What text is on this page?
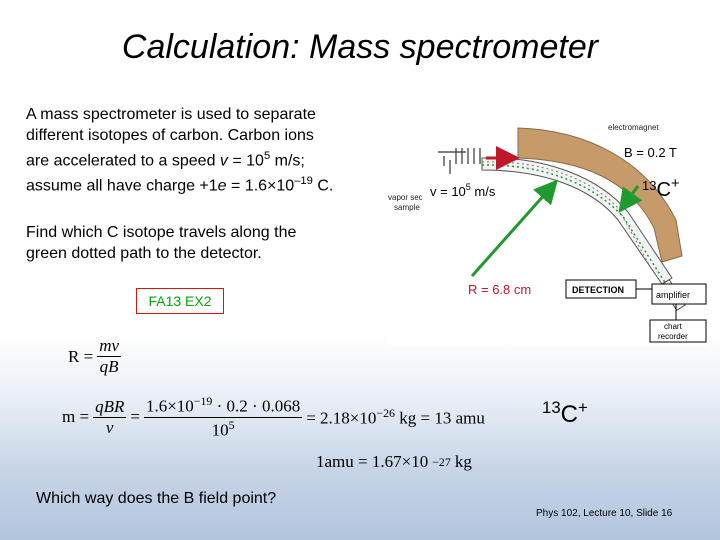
Calculation: Mass spectrometer
A mass spectrometer is used to separate
different isotopes of carbon. Carbon ions
are accelerated to a speed $v = 10^5$ m/s;
assume all have charge $+1e = 1.6\times 10^{-19}$ C.
Find which C isotope travels along the
green dotted path to the detector.
FA13 EX2
electromagnet
vapor sec
sample
B = 0.2 T
$v = 10^5$ m/s	$^{13}$C+
R = 6.8 cm	DETECTION	amplifier
chart
recorder
$R = \frac{mv}{qB}$
$m = \frac{\text{qBR}}{v} = \frac{1.6\times 10^{-19} \cdot 0.2 \cdot 0.068}{10^5} = 2.18\times 10^{-26}$ kg = 13 amu
1amu = 1.67×10 −27 kg
$^{13}$C+
Which way does the B field point?
Phys 102, Lecture 10, Slide 16
